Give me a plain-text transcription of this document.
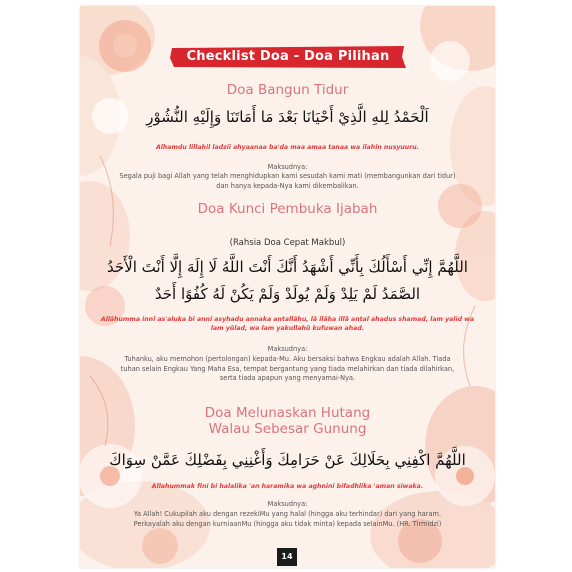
Checklist Doa - Doa Pilihan
Doa Bangun Tidur
اَلْحَمْدُ لِلهِ الَّذِيْ أَحْيَانَا بَعْدَ مَا أَمَاتَنَا وَإِلَيْهِ النُّشُوْرِ
Alhamdu lillahil ladzii ahyaanaa ba'da maa amaa tanaa wa ilahin nusyuuru.
Maksudnya:
Segala puji bagi Allah yang telah menghidupkan kami sesudah kami mati (membangunkan dari tidur) dan hanya kepada-Nya kami dikembalikan.
Doa Kunci Pembuka Ijabah
(Rahsia Doa Cepat Makbul)
اللَّهُمَّ إِنِّي أَسْأَلُكَ بِأَنِّي أَشْهَدُ أَنَّكَ أَنْتَ اللَّهُ لَا إِلَهَ إِلَّا أَنْتَ الْأَحَدُ
الصَّمَدُ لَمْ يَلِدْ وَلَمْ يُولَدْ وَلَمْ يَكُنْ لَهُ كُفُوًا أَحَدٌ
Allâhumma innî as'aluka bi annî asyhadu annaka antallâhu, lâ ilâha illâ antal ahadus shamad, lam yalid wa lam yûlad, wa lam yakullahû kufuwan ahad.
Maksudnya:
Tuhanku, aku memohon (pertolongan) kepada-Mu. Aku bersaksi bahwa Engkau adalah Allah. Tiada tuhan selain Engkau Yang Maha Esa, tempat bergantung yang tiada melahirkan dan tiada dilahirkan, serta tiada apapun yang menyamai-Nya.
Doa Melunaskan Hutang
Walau Sebesar Gunung
اللَّهُمَّ اكْفِنِي بِحَلَالِكَ عَنْ حَرَامِكَ وَأَغْنِنِي بِفَضْلِكَ عَمَّنْ سِوَاكَ
Allahummak fini bi halalika 'an haramika wa aghnini bifadhlika 'aman siwaka.
Maksudnya:
Ya Allah! Cukupilah aku dengan rezekiMu yang halal (hingga aku terhindar) dari yang haram. Perkayalah aku dengan kurniaanMu (hingga aku tidak minta) kepada selainMu. (HR. Tirmidzi)
14
